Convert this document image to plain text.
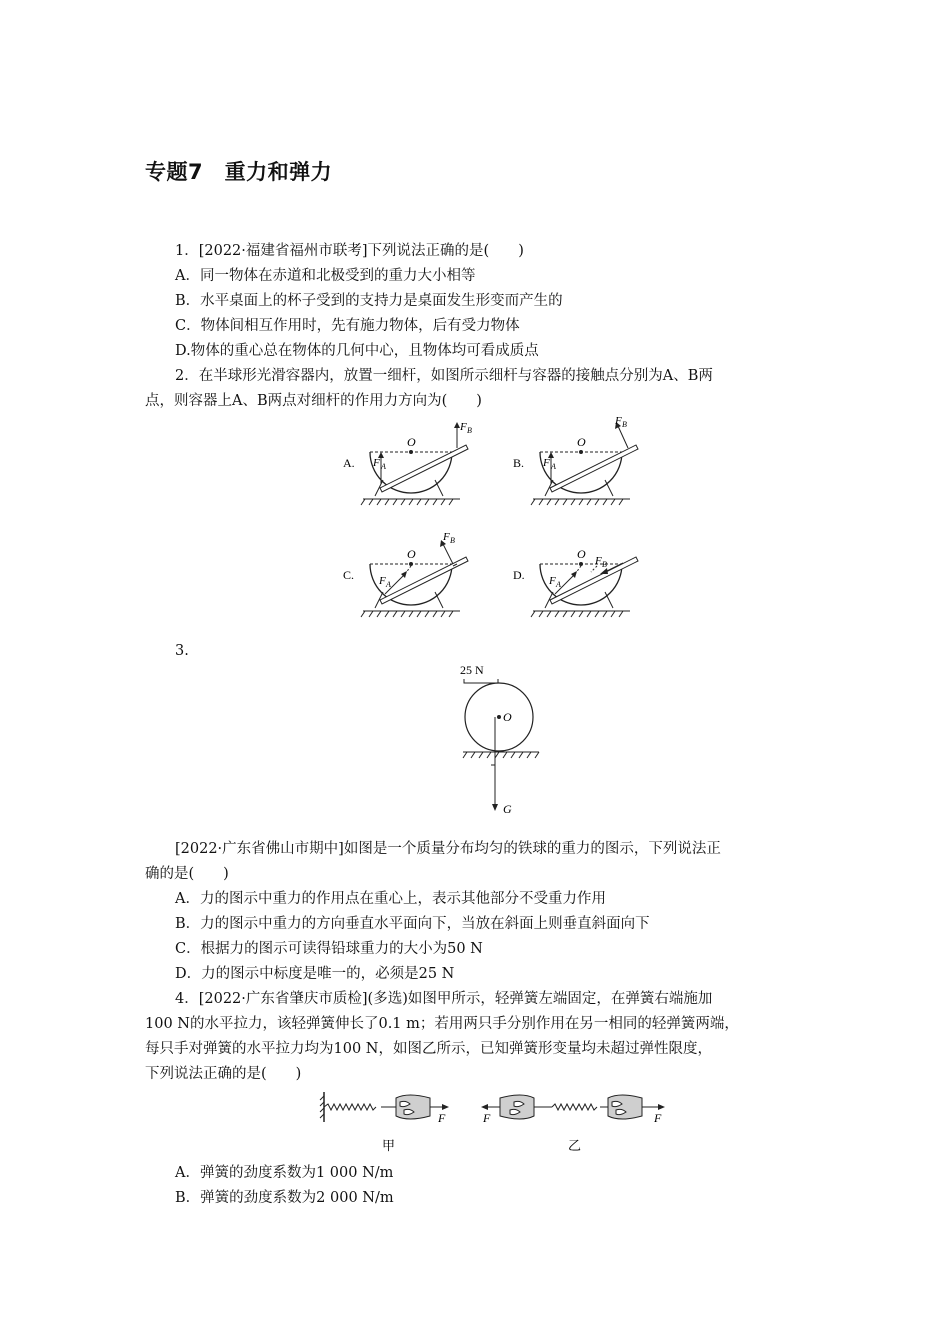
专题7　重力和弹力
1．[2022·福建省福州市联考]下列说法正确的是(　　)
A．同一物体在赤道和北极受到的重力大小相等
B．水平桌面上的杯子受到的支持力是桌面发生形变而产生的
C．物体间相互作用时，先有施力物体，后有受力物体
D.物体的重心总在物体的几何中心，且物体均可看成质点
2．在半球形光滑容器内，放置一细杆，如图所示细杆与容器的接触点分别为A、B两
点，则容器上A、B两点对细杆的作用力方向为(　　)
A.
O
F A
F B
B.
O
F A
F B
C.
O
F A
F B
D.
O
F A
F B
3.
25 N
O
G
[2022·广东省佛山市期中]如图是一个质量分布均匀的铁球的重力的图示，下列说法正
确的是(　　)
A．力的图示中重力的作用点在重心上，表示其他部分不受重力作用
B．力的图示中重力的方向垂直水平面向下，当放在斜面上则垂直斜面向下
C．根据力的图示可读得铅球重力的大小为50 N
D．力的图示中标度是唯一的，必须是25 N
4．[2022·广东省肇庆市质检](多选)如图甲所示，轻弹簧左端固定，在弹簧右端施加
100 N的水平拉力，该轻弹簧伸长了0.1 m；若用两只手分别作用在另一相同的轻弹簧两端，
每只手对弹簧的水平拉力均为100 N，如图乙所示，已知弹簧形变量均未超过弹性限度，
下列说法正确的是(　　)
F
甲
F	F
乙
A．弹簧的劲度系数为1 000 N/m
B．弹簧的劲度系数为2 000 N/m
